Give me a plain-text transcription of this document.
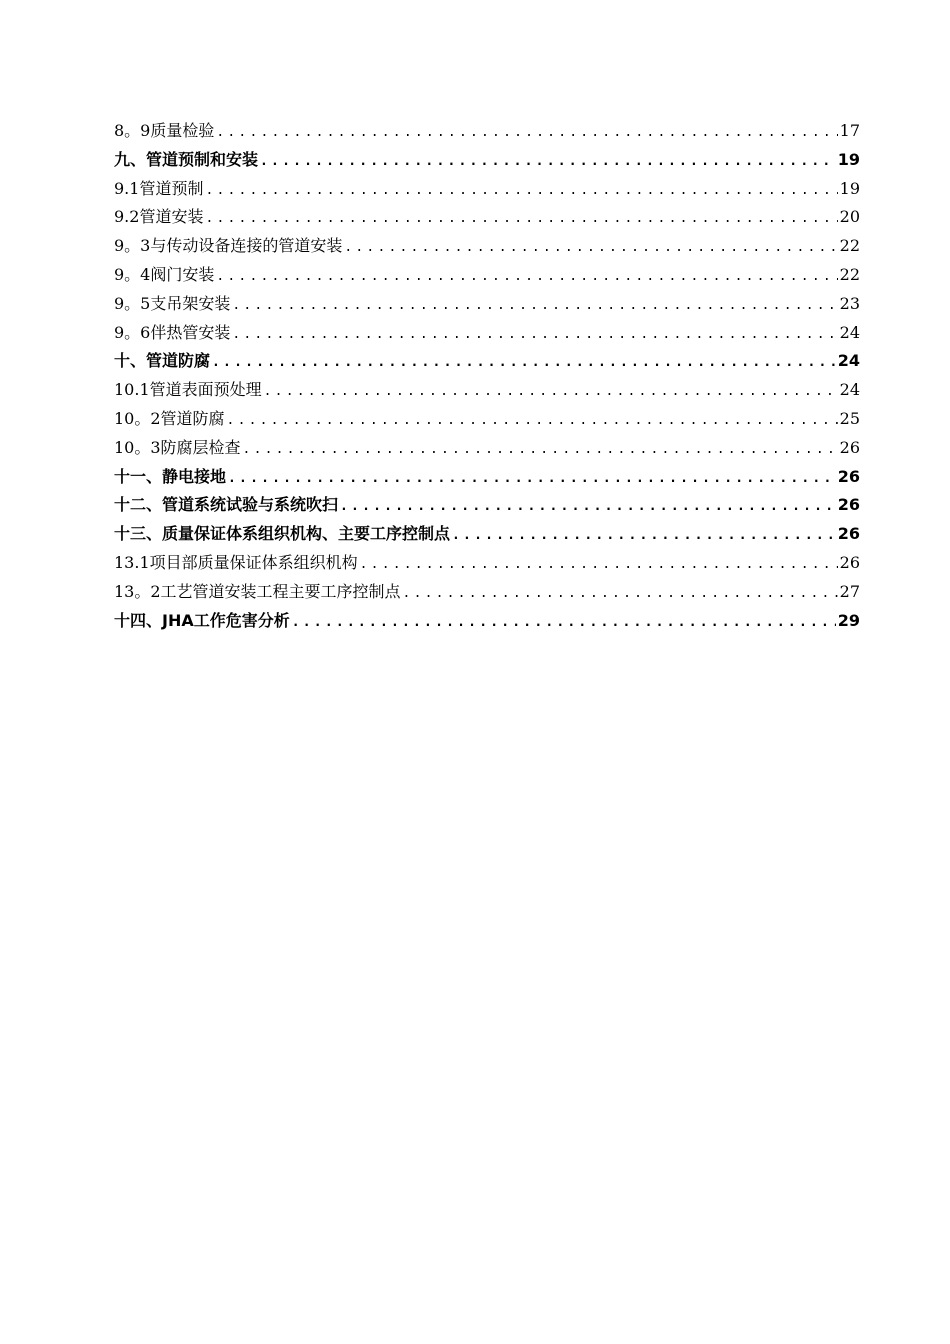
8。9质量检验 .....	17
九、管道预制和安装 .....	19
9.1管道预制 .....	19
9.2管道安装 .....	20
9。3与传动设备连接的管道安装 .....	22
9。4阀门安装 .....	22
9。5支吊架安装 .....	23
9。6伴热管安装 .....	24
十、管道防腐 .....	24
10.1管道表面预处理 .....	24
10。2管道防腐 .....	25
10。3防腐层检查 .....	26
十一、静电接地 .....	26
十二、管道系统试验与系统吹扫 .....	26
十三、质量保证体系组织机构、主要工序控制点 .....	26
13.1项目部质量保证体系组织机构 .....	26
13。2工艺管道安装工程主要工序控制点 .....	27
十四、JHA工作危害分析 .....	29
